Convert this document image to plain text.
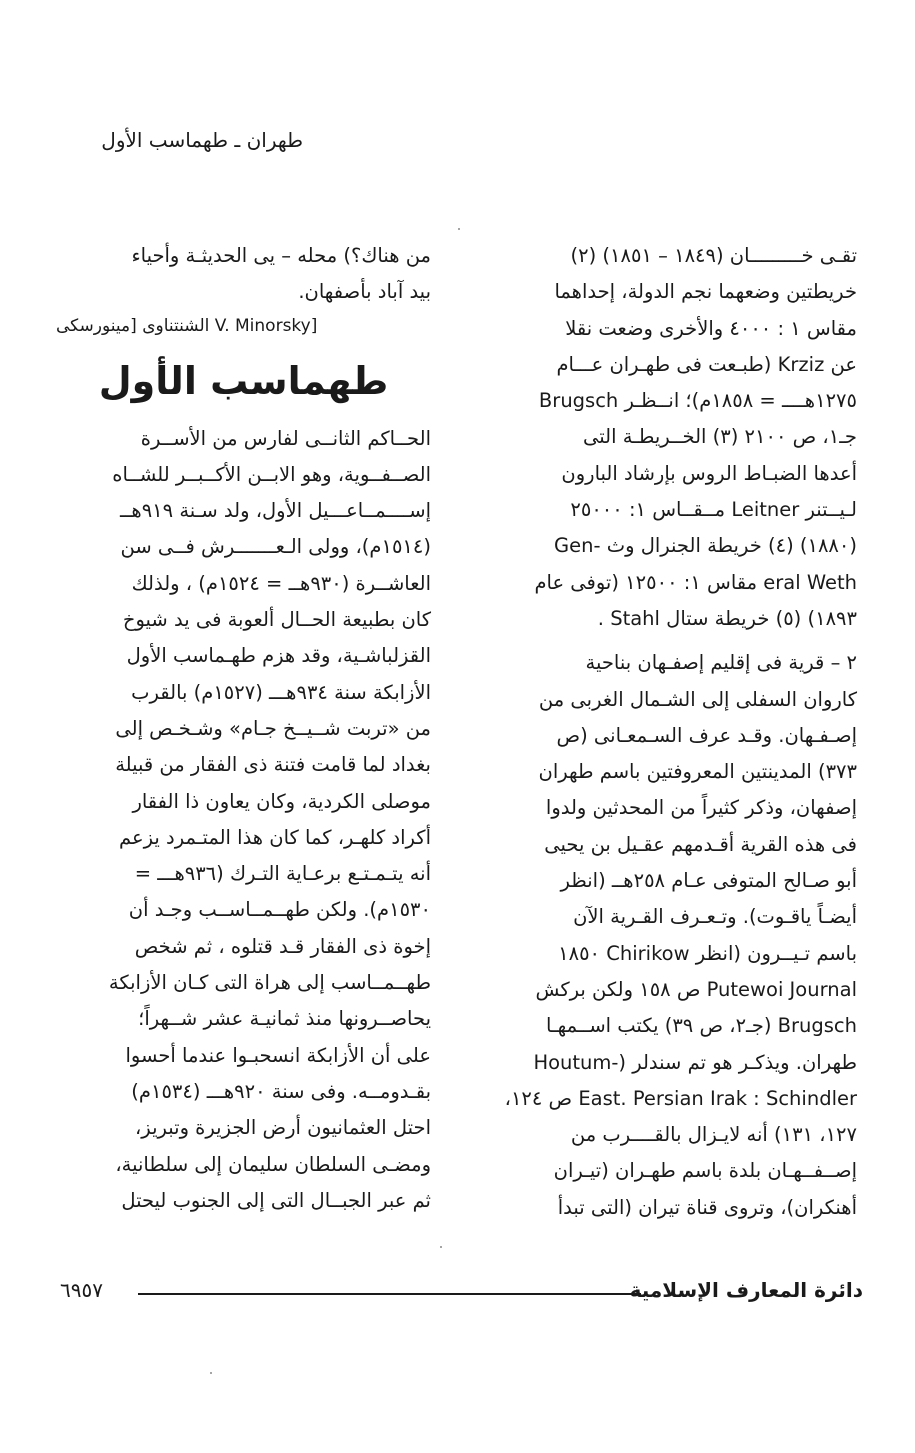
طهران ـ طهماسب الأول

تقـى خـــــــــان (١٨٤٩ – ١٨٥١) (٢)

خريطتين وضعهما نجم الدولة، إحداهما

مقاس ١ : ٤٠٠٠ والأخرى وضعت نقلا

عن Krziz (طبـعت فى طهـران عـــام

١٢٧٥هــــ = ١٨٥٨م)؛ انــظـر Brugsch

جـ١، ص ٢١٠٠ (٣) الخــريطـة التى

أعدها الضبـاط الروس بإرشاد البارون

لـيــتنر Leitner مــقــاس ١: ٢٥٠٠٠

(١٨٨٠) (٤) خريطة الجنرال وث -Gen

eral Weth مقاس ١: ١٢٥٠٠ (توفى عام

١٨٩٣) (٥) خريطة ستال Stahl .

٢ – قرية فى إقليم إصفـهان بناحية

كاروان السفلى إلى الشـمال الغربى من

إصـفـهان. وقـد عرف السـمعـانى (ص

٣٧٣) المدينتين المعروفتين باسم طهران

إصفهان، وذكر كثيراً من المحدثين ولدوا

فى هذه القرية أقـدمهم عقـيل بن يحيى

أبو صـالح المتوفى عـام ٢٥٨هــ (انظر

أيضـاً ياقـوت). وتـعـرف القـرية الآن

باسم تـيــرون (انظر Chirikow ١٨٥٠

Putewoi Journal ص ١٥٨ ولكن بركش

Brugsch (جـ٢، ص ٣٩) يكتب اســمهـا

طهران. ويذكـر هو تم سندلر (-Houtum

East. Persian Irak : Schindler ص ١٢٤،

١٢٧، ١٣١) أنه لايـزال بالقــــرب من

إصــفــهـان بلدة باسم طهـران (تيـران

أهنكران)، وتروى قناة تيران (التى تبدأ

من هناك؟) محله – يى الحديثـة وأحياء

بيد آباد بأصفهان.

[V. Minorsky الشنتناوى [مينورسكى

طهماسب الأول

الحــاكم الثانــى لفارس من الأســرة

الصــفــوية، وهو الابــن الأكــبــر للشــاه

إســــمــاعـــيل الأول، ولد سـنة ٩١٩هــ

(١٥١٤م)، وولى الـعـــــــرش فــى سن

العاشــرة (٩٣٠هــ = ١٥٢٤م) ، ولذلك

كان بطبيعة الحــال ألعوبة فى يد شيوخ

القزلباشـية، وقد هزم طهـماسب الأول

الأزابكة سنة ٩٣٤هـــ (١٥٢٧م) بالقرب

من «تربت شــيــخ جـام» وشـخـص إلى

بغداد لما قامت فتنة ذى الفقار من قبيلة

موصلى الكردية، وكان يعاون ذا الفقار

أكراد كلهـر، كما كان هذا المتـمرد يزعم

أنه يتـمـتـع برعـاية التـرك (٩٣٦هـــ =

١٥٣٠م). ولكن طهــمــاســب وجـد أن

إخوة ذى الفقار قـد قتلوه ، ثم شخص

طهــمــاسب إلى هراة التى كـان الأزابكة

يحاصــرونها منذ ثمانيـة عشر شــهراً؛

على أن الأزابكة انسحبـوا عندما أحسوا

بقـدومــه. وفى سنة ٩٢٠هـــ (١٥٣٤م)

احتل العثمانيون أرض الجزيرة وتبريز،

ومضـى السلطان سليمان إلى سلطانية،

ثم عبر الجبــال التى إلى الجنوب ليحتل

دائرة المعارف الإسلامية
٦٩٥٧
